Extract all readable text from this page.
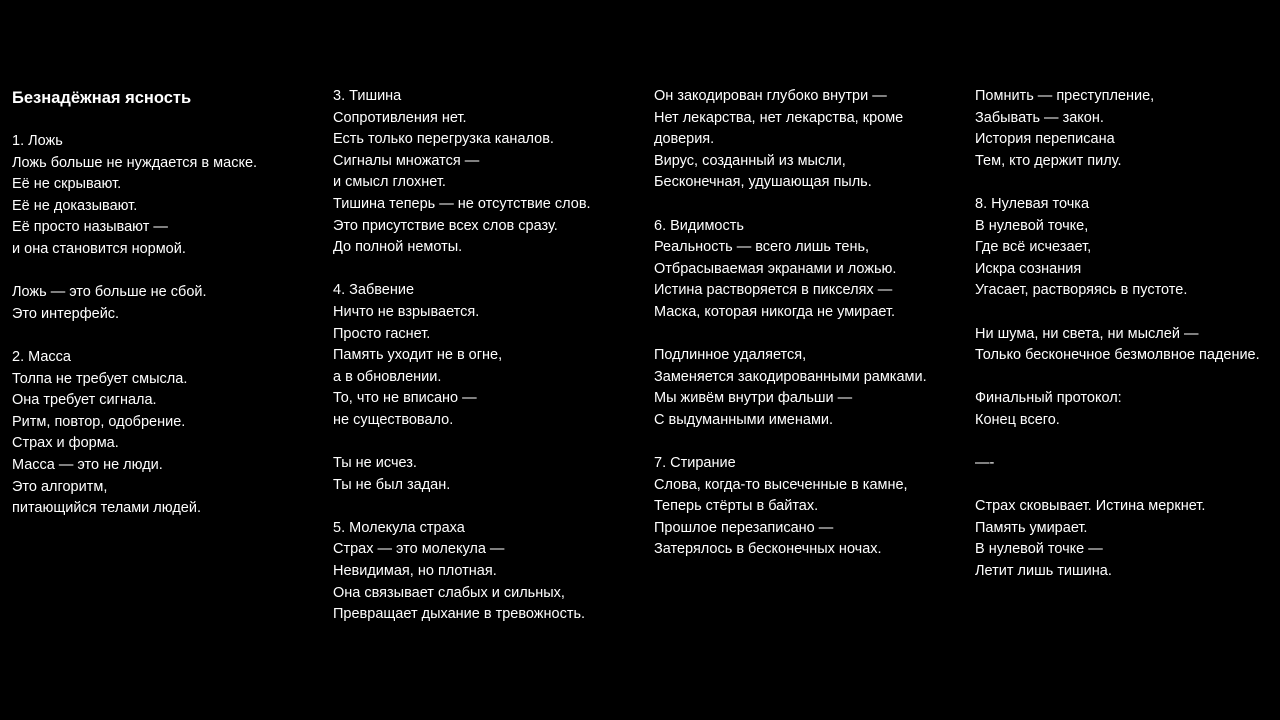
Безнадёжная ясность
1. Ложь
Ложь больше не нуждается в маске.
Её не скрывают.
Её не доказывают.
Её просто называют —
и она становится нормой.
Ложь — это больше не сбой.
Это интерфейс.
2. Масса
Толпа не требует смысла.
Она требует сигнала.
Ритм, повтор, одобрение.
Страх и форма.
Масса — это не люди.
Это алгоритм,
питающийся телами людей.
3. Тишина
Сопротивления нет.
Есть только перегрузка каналов.
Сигналы множатся —
и смысл глохнет.
Тишина теперь — не отсутствие слов.
Это присутствие всех слов сразу.
До полной немоты.
4. Забвение
Ничто не взрывается.
Просто гаснет.
Память уходит не в огне,
а в обновлении.
То, что не вписано —
не существовало.
Ты не исчез.
Ты не был задан.
5. Молекула страха
Страх — это молекула —
Невидимая, но плотная.
Она связывает слабых и сильных,
Превращает дыхание в тревожность.
Он закодирован глубоко внутри —
Нет лекарства, нет лекарства, кроме
доверия.
Вирус, созданный из мысли,
Бесконечная, удушающая пыль.
6. Видимость
Реальность — всего лишь тень,
Отбрасываемая экранами и ложью.
Истина растворяется в пикселях —
Маска, которая никогда не умирает.
Подлинное удаляется,
Заменяется закодированными рамками.
Мы живём внутри фальши —
С выдуманными именами.
7. Стирание
Слова, когда-то высеченные в камне,
Теперь стёрты в байтах.
Прошлое перезаписано —
Затерялось в бесконечных ночах.
Помнить — преступление,
Забывать — закон.
История переписана
Тем, кто держит пилу.
8. Нулевая точка
В нулевой точке,
Где всё исчезает,
Искра сознания
Угасает, растворяясь в пустоте.
Ни шума, ни света, ни мыслей —
Только бесконечное безмолвное падение.
Финальный протокол:
Конец всего.
—-
Страх сковывает. Истина меркнет.
Память умирает.
В нулевой точке —
Летит лишь тишина.
